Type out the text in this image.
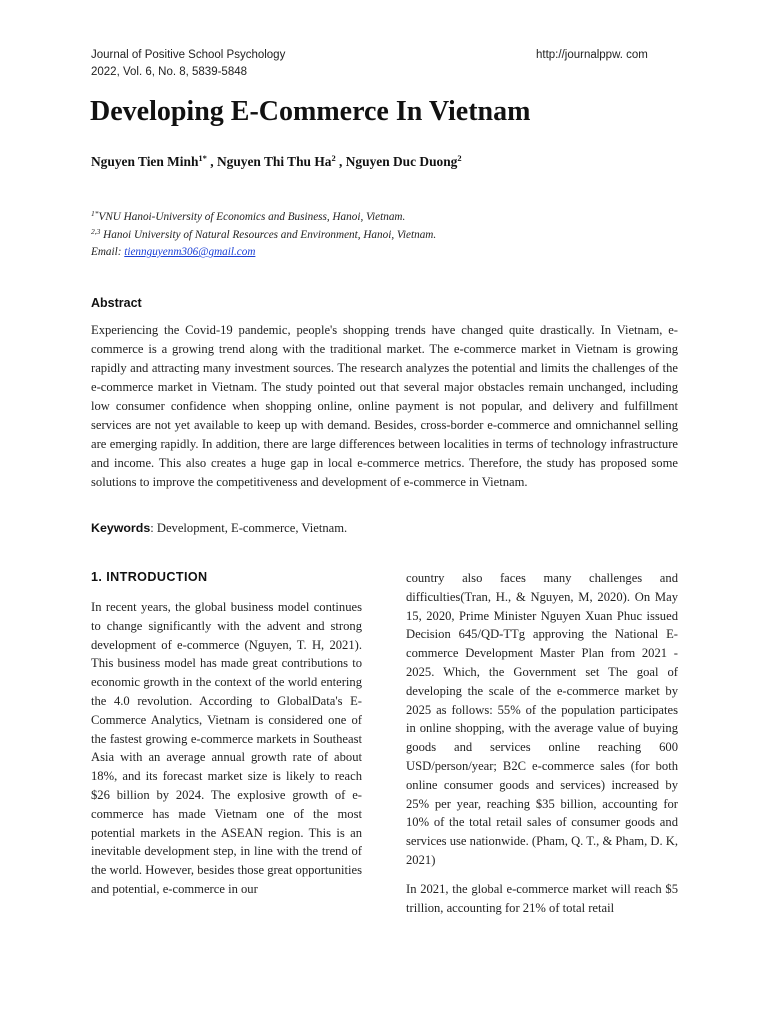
Journal of Positive School Psychology
2022, Vol. 6, No. 8, 5839-5848
http://journalppw. com
Developing E-Commerce In Vietnam
Nguyen Tien Minh$^{1*}$ , Nguyen Thi Thu Ha$^2$ , Nguyen Duc Duong$^2$
$^{1*}$VNU Hanoi-University of Economics and Business, Hanoi, Vietnam.
$^{2,3}$ Hanoi University of Natural Resources and Environment, Hanoi, Vietnam.
Email: tiennguyenm306@gmail.com
Abstract

Experiencing the Covid-19 pandemic, people's shopping trends have changed quite drastically. In Vietnam, e-commerce is a growing trend along with the traditional market. The e-commerce market in Vietnam is growing rapidly and attracting many investment sources. The research analyzes the potential and limits the challenges of the e-commerce market in Vietnam. The study pointed out that several major obstacles remain unchanged, including low consumer confidence when shopping online, online payment is not popular, and delivery and fulfillment services are not yet available to keep up with demand. Besides, cross-border e-commerce and omnichannel selling are emerging rapidly. In addition, there are large differences between localities in terms of technology infrastructure and income. This also creates a huge gap in local e-commerce metrics. Therefore, the study has proposed some solutions to improve the competitiveness and development of e-commerce in Vietnam.

Keywords: Development, E-commerce, Vietnam.
1. INTRODUCTION

In recent years, the global business model continues to change significantly with the advent and strong development of e-commerce (Nguyen, T. H, 2021). This business model has made great contributions to economic growth in the context of the world entering the 4.0 revolution. According to GlobalData's E-Commerce Analytics, Vietnam is considered one of the fastest growing e-commerce markets in Southeast Asia with an average annual growth rate of about 18%, and its forecast market size is likely to reach $26 billion by 2024. The explosive growth of e-commerce has made Vietnam one of the most potential markets in the ASEAN region. This is an inevitable development step, in line with the trend of the world. However, besides those great opportunities and potential, e-commerce in our

country also faces many challenges and difficulties(Tran, H., & Nguyen, M, 2020). On May 15, 2020, Prime Minister Nguyen Xuan Phuc issued Decision 645/QD-TTg approving the National E-commerce Development Master Plan from 2021 - 2025. Which, the Government set The goal of developing the scale of the e-commerce market by 2025 as follows: 55% of the population participates in online shopping, with the average value of buying goods and services online reaching 600 USD/person/year; B2C e-commerce sales (for both online consumer goods and services) increased by 25% per year, reaching $35 billion, accounting for 10% of the total retail sales of consumer goods and services use nationwide. (Pham, Q. T., & Pham, D. K, 2021)

In 2021, the global e-commerce market will reach $5 trillion, accounting for 21% of total retail
